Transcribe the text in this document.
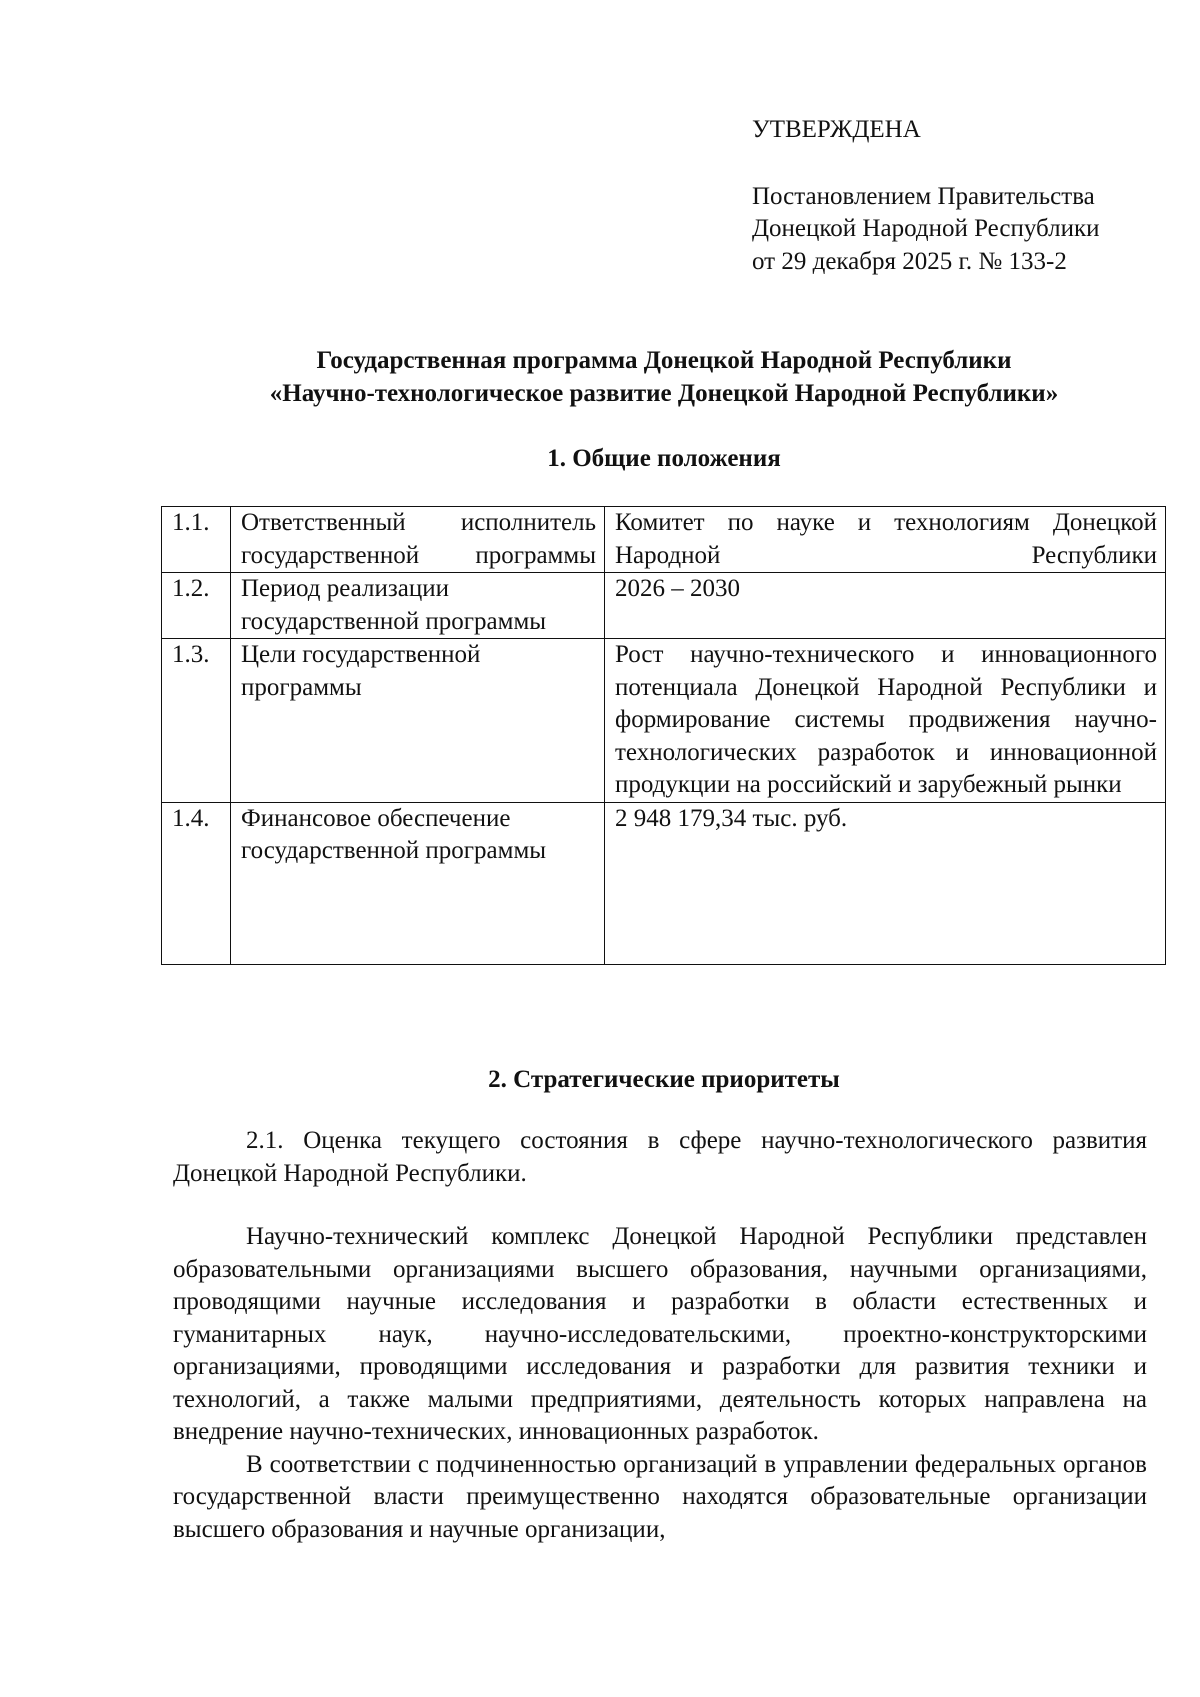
УТВЕРЖДЕНА
Постановлением Правительства
Донецкой Народной Республики
от 29 декабря 2025 г. № 133-2
Государственная программа Донецкой Народной Республики
«Научно-технологическое развитие Донецкой Народной Республики»
1. Общие положения
1.1.	Ответственный исполнитель государственной программы	Комитет по науке и технологиям Донецкой Народной Республики
1.2.	Период реализации государственной программы	2026 – 2030
1.3.	Цели государственной программы	Рост научно-технического и инновационного потенциала Донецкой Народной Республики и формирование системы продвижения научно-технологических разработок и инновационной продукции на российский и зарубежный рынки
1.4.	Финансовое обеспечение государственной программы	2 948 179,34 тыс. руб.
2. Стратегические приоритеты

2.1. Оценка текущего состояния в сфере научно-технологического развития Донецкой Народной Республики.

Научно-технический комплекс Донецкой Народной Республики представлен образовательными организациями высшего образования, научными организациями, проводящими научные исследования и разработки в области естественных и гуманитарных наук, научно-исследовательскими, проектно-конструкторскими организациями, проводящими исследования и разработки для развития техники и технологий, а также малыми предприятиями, деятельность которых направлена на внедрение научно-технических, инновационных разработок.

В соответствии с подчиненностью организаций в управлении федеральных органов государственной власти преимущественно находятся образовательные организации высшего образования и научные организации,
